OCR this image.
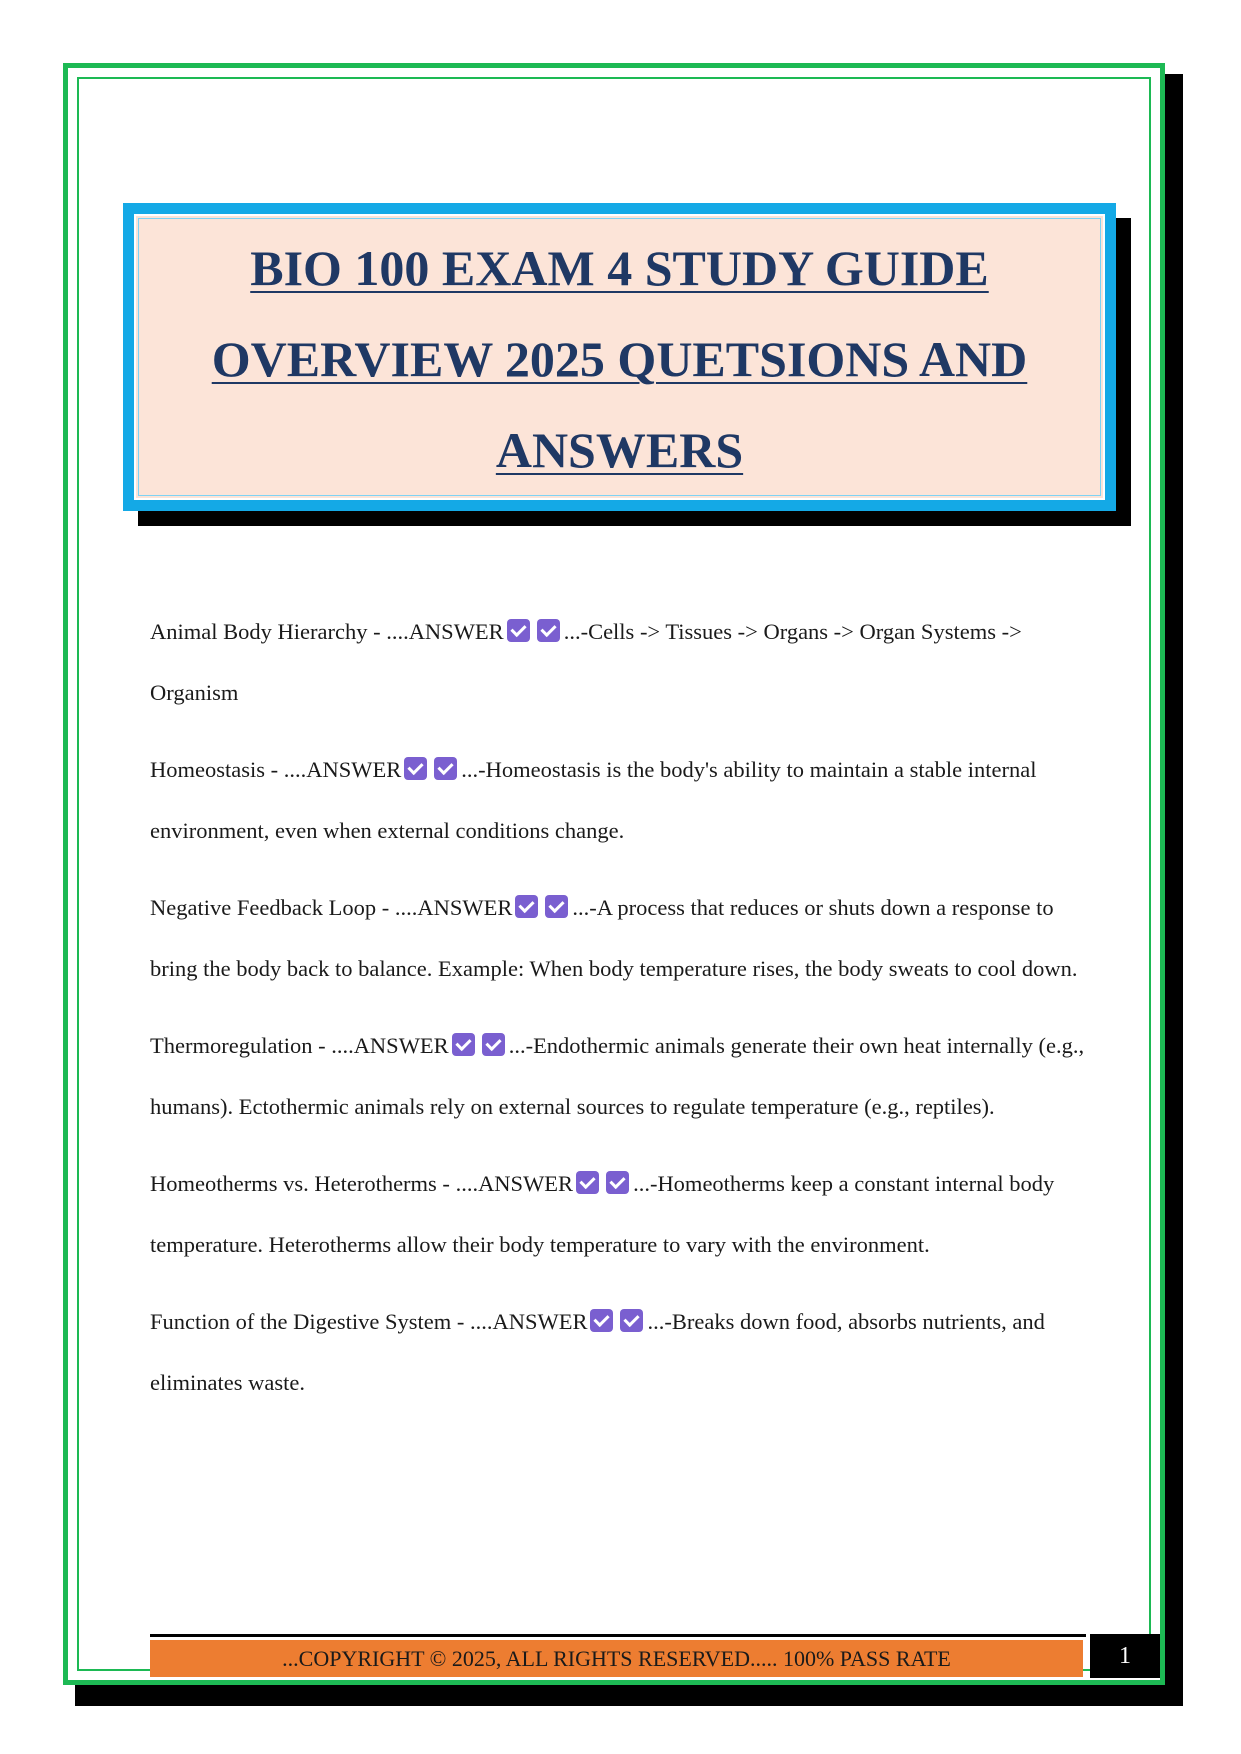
BIO 100 EXAM 4 STUDY GUIDE
OVERVIEW 2025 QUETSIONS AND
ANSWERS

Animal Body Hierarchy - ....ANSWER	...-Cells -> Tissues -> Organs -> Organ Systems -> Organism

Homeostasis - ....ANSWER	...-Homeostasis is the body's ability to maintain a stable internal environment, even when external conditions change.

Negative Feedback Loop - ....ANSWER	...-A process that reduces or shuts down a response to bring the body back to balance. Example: When body temperature rises, the body sweats to cool down.

Thermoregulation - ....ANSWER	...-Endothermic animals generate their own heat internally (e.g., humans). Ectothermic animals rely on external sources to regulate temperature (e.g., reptiles).

Homeotherms vs. Heterotherms - ....ANSWER	...-Homeotherms keep a constant internal body temperature. Heterotherms allow their body temperature to vary with the environment.

Function of the Digestive System - ....ANSWER	...-Breaks down food, absorbs nutrients, and eliminates waste.

...COPYRIGHT © 2025, ALL RIGHTS RESERVED..... 100% PASS RATE	1
